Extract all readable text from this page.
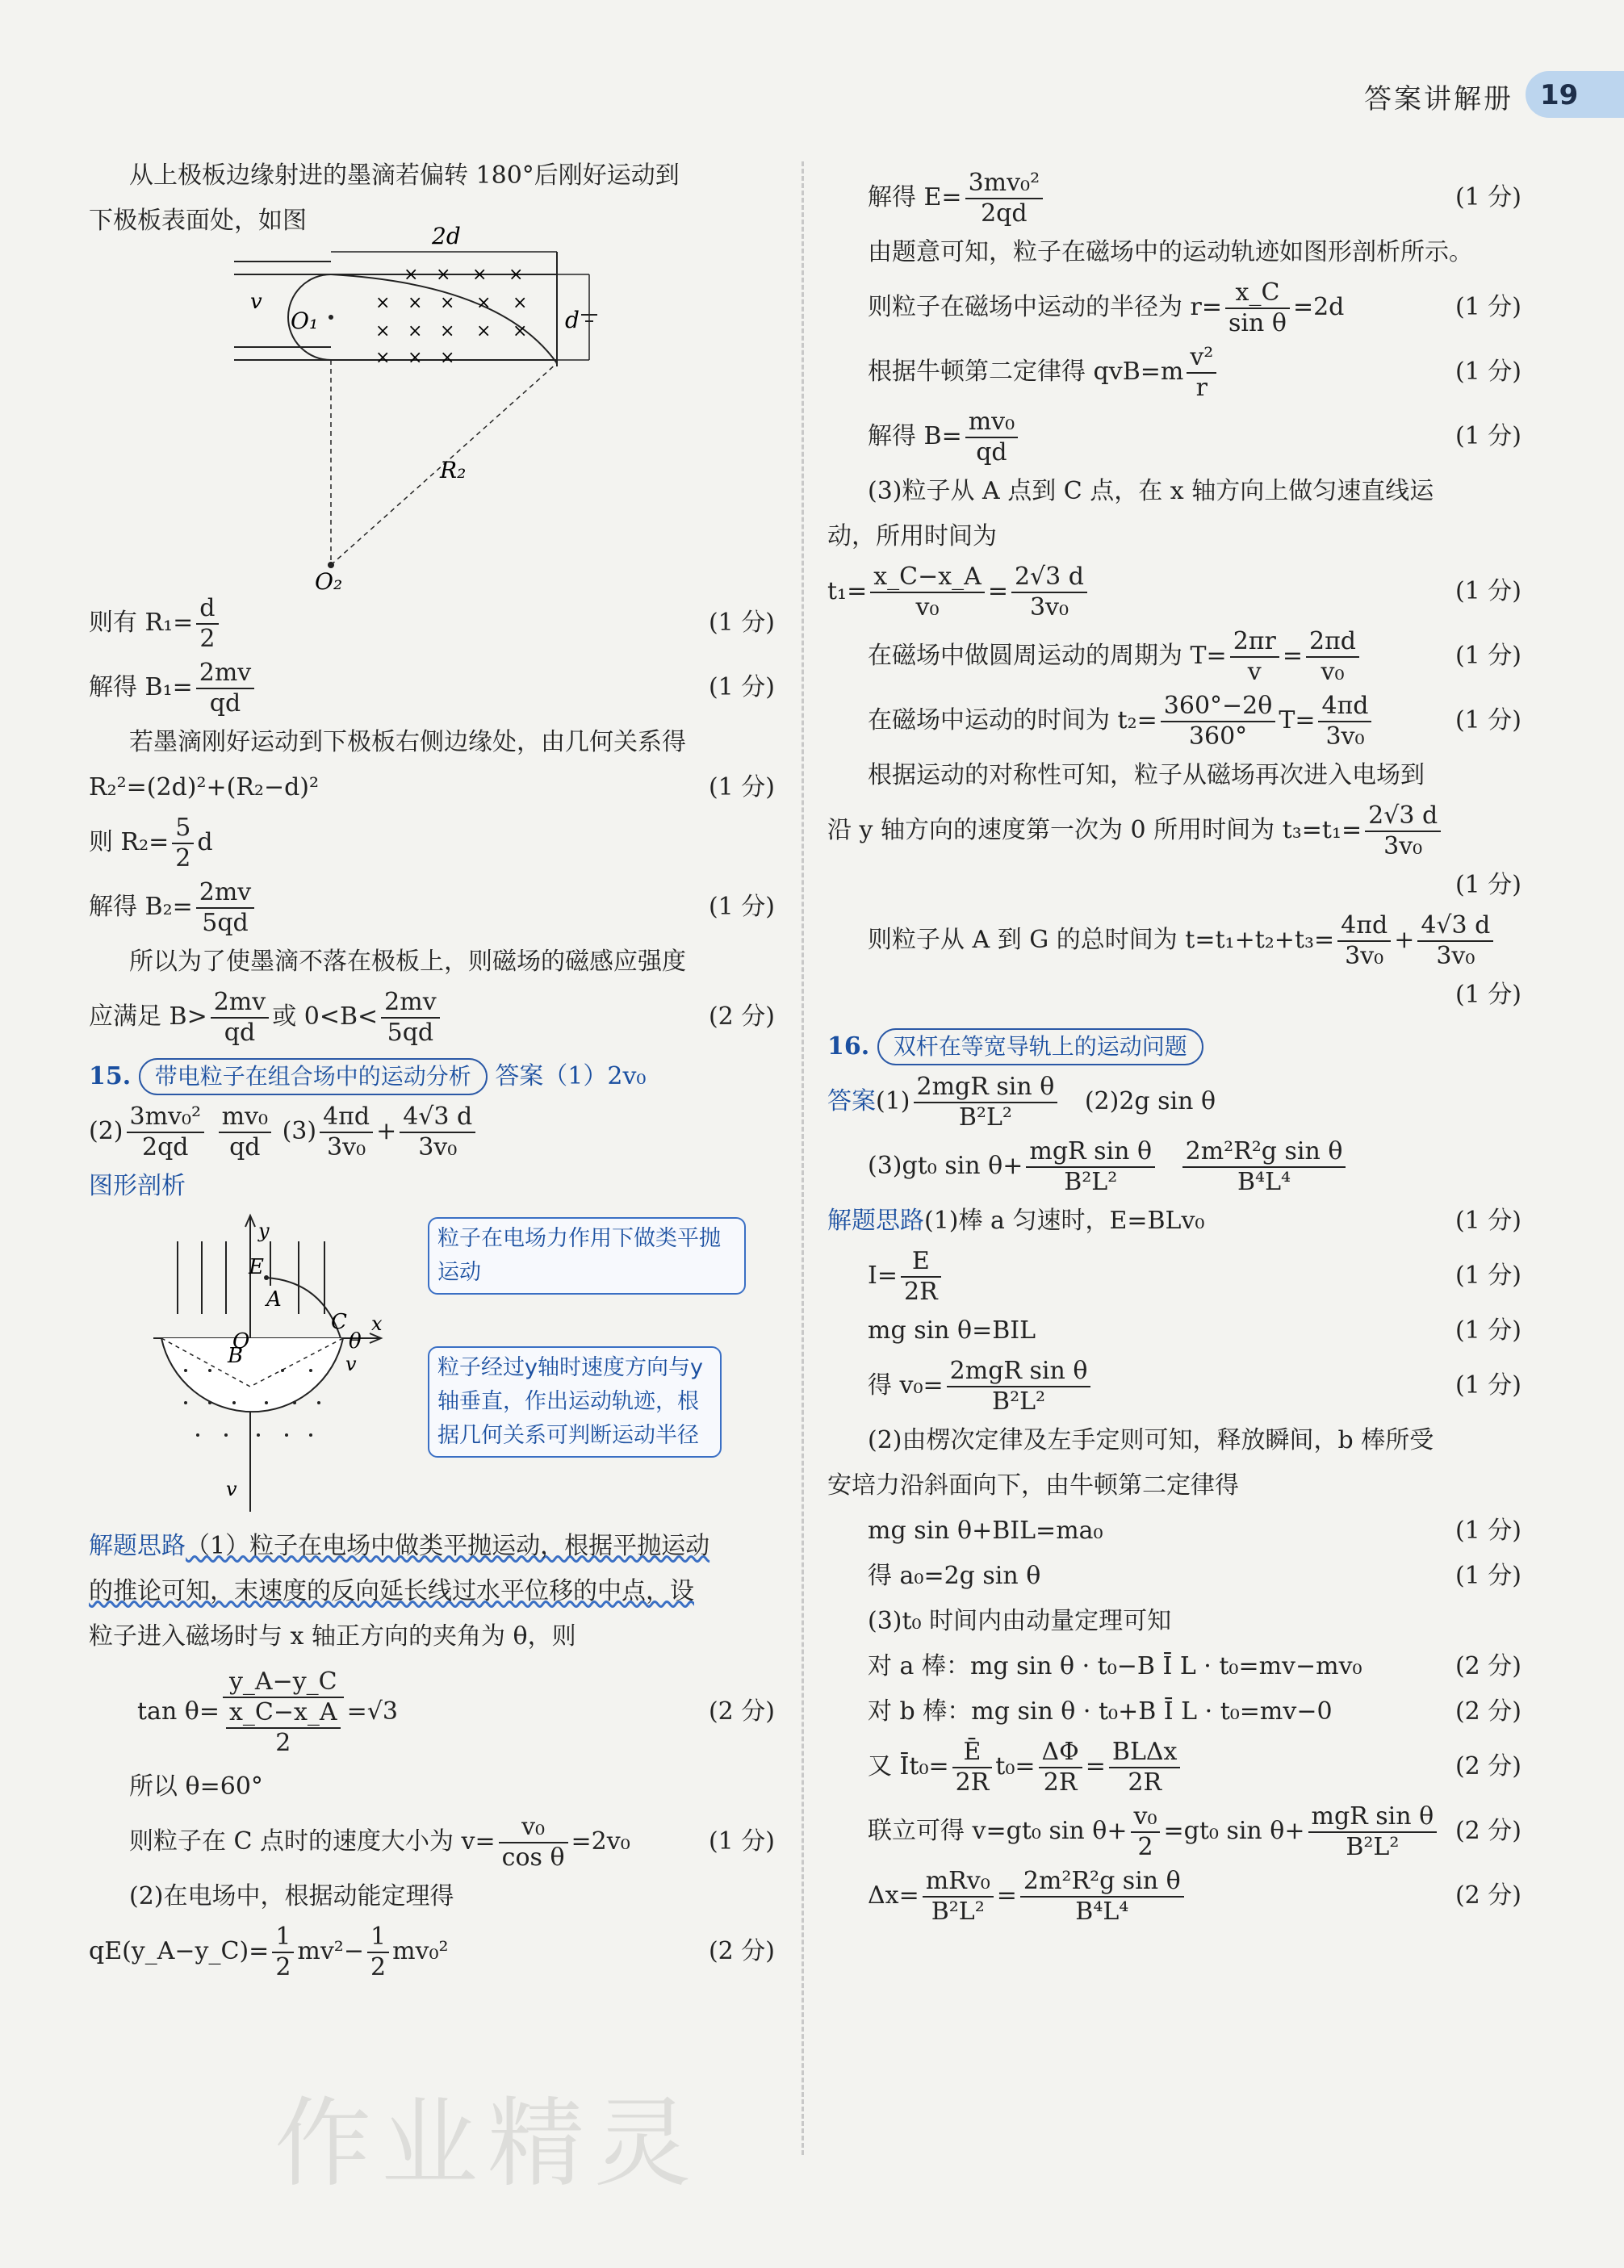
答案讲解册 19
从上极板边缘射进的墨滴若偏转 180°后刚好运动到
下极板表面处，如图
× × × ×
× × × × ×
× × × × ×
× × ×
2d
v
O₁	d
R₂
O₂
则有 $R_1= \frac{d}{2}$	(1 分)
解得 $B_1= \frac{2mv}{qd}$	(1 分)
若墨滴刚好运动到下极板右侧边缘处，由几何关系得
R₂²=(2d)²+(R₂−d)²	(1 分)
则 $R_2= \frac{5}{2}$ d
解得 $B_2= \frac{2mv}{5qd}$	(1 分)
所以为了使墨滴不落在极板上，则磁场的磁感应强度
应满足 $B> \frac{2mv}{qd}$ 或 $0<B< \frac{2mv}{5qd}$	(2 分)
15. 带电粒子在组合场中的运动分析 答案（1）2v₀
$(2) \frac{\text{3mv₀²}}{2qd}$
$\frac{\text{mv₀}}{qd} (3) \frac{4\pi d}{\text{3v₀}} + \frac{4√3 d}{\text{3v₀}}$
图形剖析
y
E
A
C
θ
x
B
O
v
v
粒子在电场力作用下做类平抛运动
粒子经过y轴时速度方向与y轴垂直，作出运动轨迹，根据几何关系可判断运动半径
解题思路（1）粒子在电场中做类平抛运动，根据平抛运动
的推论可知，末速度的反向延长线过水平位移的中点，设
粒子进入磁场时与 x 轴正方向的夹角为 θ，则
$\tan \theta= \frac{y\_A-y\_C}{\frac{x\_C-x\_A}{2}} =√3$	(2 分)
所以 θ=60°
则粒子在 C 点时的速度大小为 $v= \frac{\text{v₀}}{\text{cos θ}} =2v_0$	(1 分)
(2)在电场中，根据动能定理得
qE(y_A−y_C)= $\frac{1}{2} mv^2- \frac{1}{2} mv_0^2$	(2 分)
解得 $E= \frac{\text{3mv₀²}}{2qd}$	(1 分)
由题意可知，粒子在磁场中的运动轨迹如图形剖析所示。
则粒子在磁场中运动的半径为 $r= \frac{x\_C}{\text{sin θ}} =2d$	(1 分)
根据牛顿第二定律得 $qvB=m \frac{\text{v²}}{r}$	(1 分)
解得 $B= \frac{\text{mv₀}}{qd}$	(1 分)
(3)粒子从 A 点到 C 点，在 x 轴方向上做匀速直线运
动，所用时间为
$t_1= \frac{x\_C-x\_A}{\text{v₀}} = \frac{2√3 d}{\text{3v₀}}$	(1 分)
在磁场中做圆周运动的周期为 $T= \frac{2\pi r}{v} = \frac{2\pi d}{\text{v₀}}$	(1 分)
在磁场中运动的时间为 $t_2= \frac{360^\circ-2\theta}{360^\circ} T= \frac{4\pi d}{\text{3v₀}}$	(1 分)
根据运动的对称性可知，粒子从磁场再次进入电场到
沿 y 轴方向的速度第一次为 0 所用时间为 $t_3=t_1= \frac{2√3 d}{\text{3v₀}}$
(1 分)
则粒子从 A 到 G 的总时间为 $t=t_1+t_2+t_3= \frac{4\pi d}{\text{3v₀}} + \frac{4√3 d}{\text{3v₀}}$
(1 分)
16. 双杆在等宽导轨上的运动问题
答案$(1) \frac{\text{2mgR sin θ}}{\text{B²L²}} (2)2g$ sin θ
(3)gt₀ $\sin \theta+ \frac{\text{mgR sin θ}}{\text{B²L²}}$
$\frac{\text{2m²R²g sin θ}}{\text{B⁴L⁴}}$
解题思路(1)棒 a 匀速时，E=BLv₀	(1 分)
$I= \frac{E}{2R}$	(1 分)
mg sin θ=BIL	(1 分)
得 $v_0= \frac{\text{2mgR sin θ}}{\text{B²L²}}$	(1 分)
(2)由楞次定律及左手定则可知，释放瞬间，b 棒所受
安培力沿斜面向下，由牛顿第二定律得
mg sin θ+BIL=ma₀	(1 分)
得 a₀=2g sin θ	(1 分)
(3)t₀ 时间内由动量定理可知
对 a 棒：mg sin θ · t₀−B Ī L · t₀=mv−mv₀	(2 分)
对 b 棒：mg sin θ · t₀+B Ī L · t₀=mv−0	(2 分)
又 Īt₀= $\frac{Ē}{2R} t_0= \frac{\Delta\Phi}{2R} = \frac{\text{BLΔx}}{2R}$	(2 分)
联立可得 v=gt₀ $\sin \theta+ \frac{\text{v₀}}{2} =gt_0$ $\sin \theta+ \frac{\text{mgR sin θ}}{\text{B²L²}} (2$ 分)
$\Delta x= \frac{\text{mRv₀}}{\text{B²L²}} = \frac{\text{2m²R²g sin θ}}{\text{B⁴L⁴}}$	(2 分)
作业精灵
